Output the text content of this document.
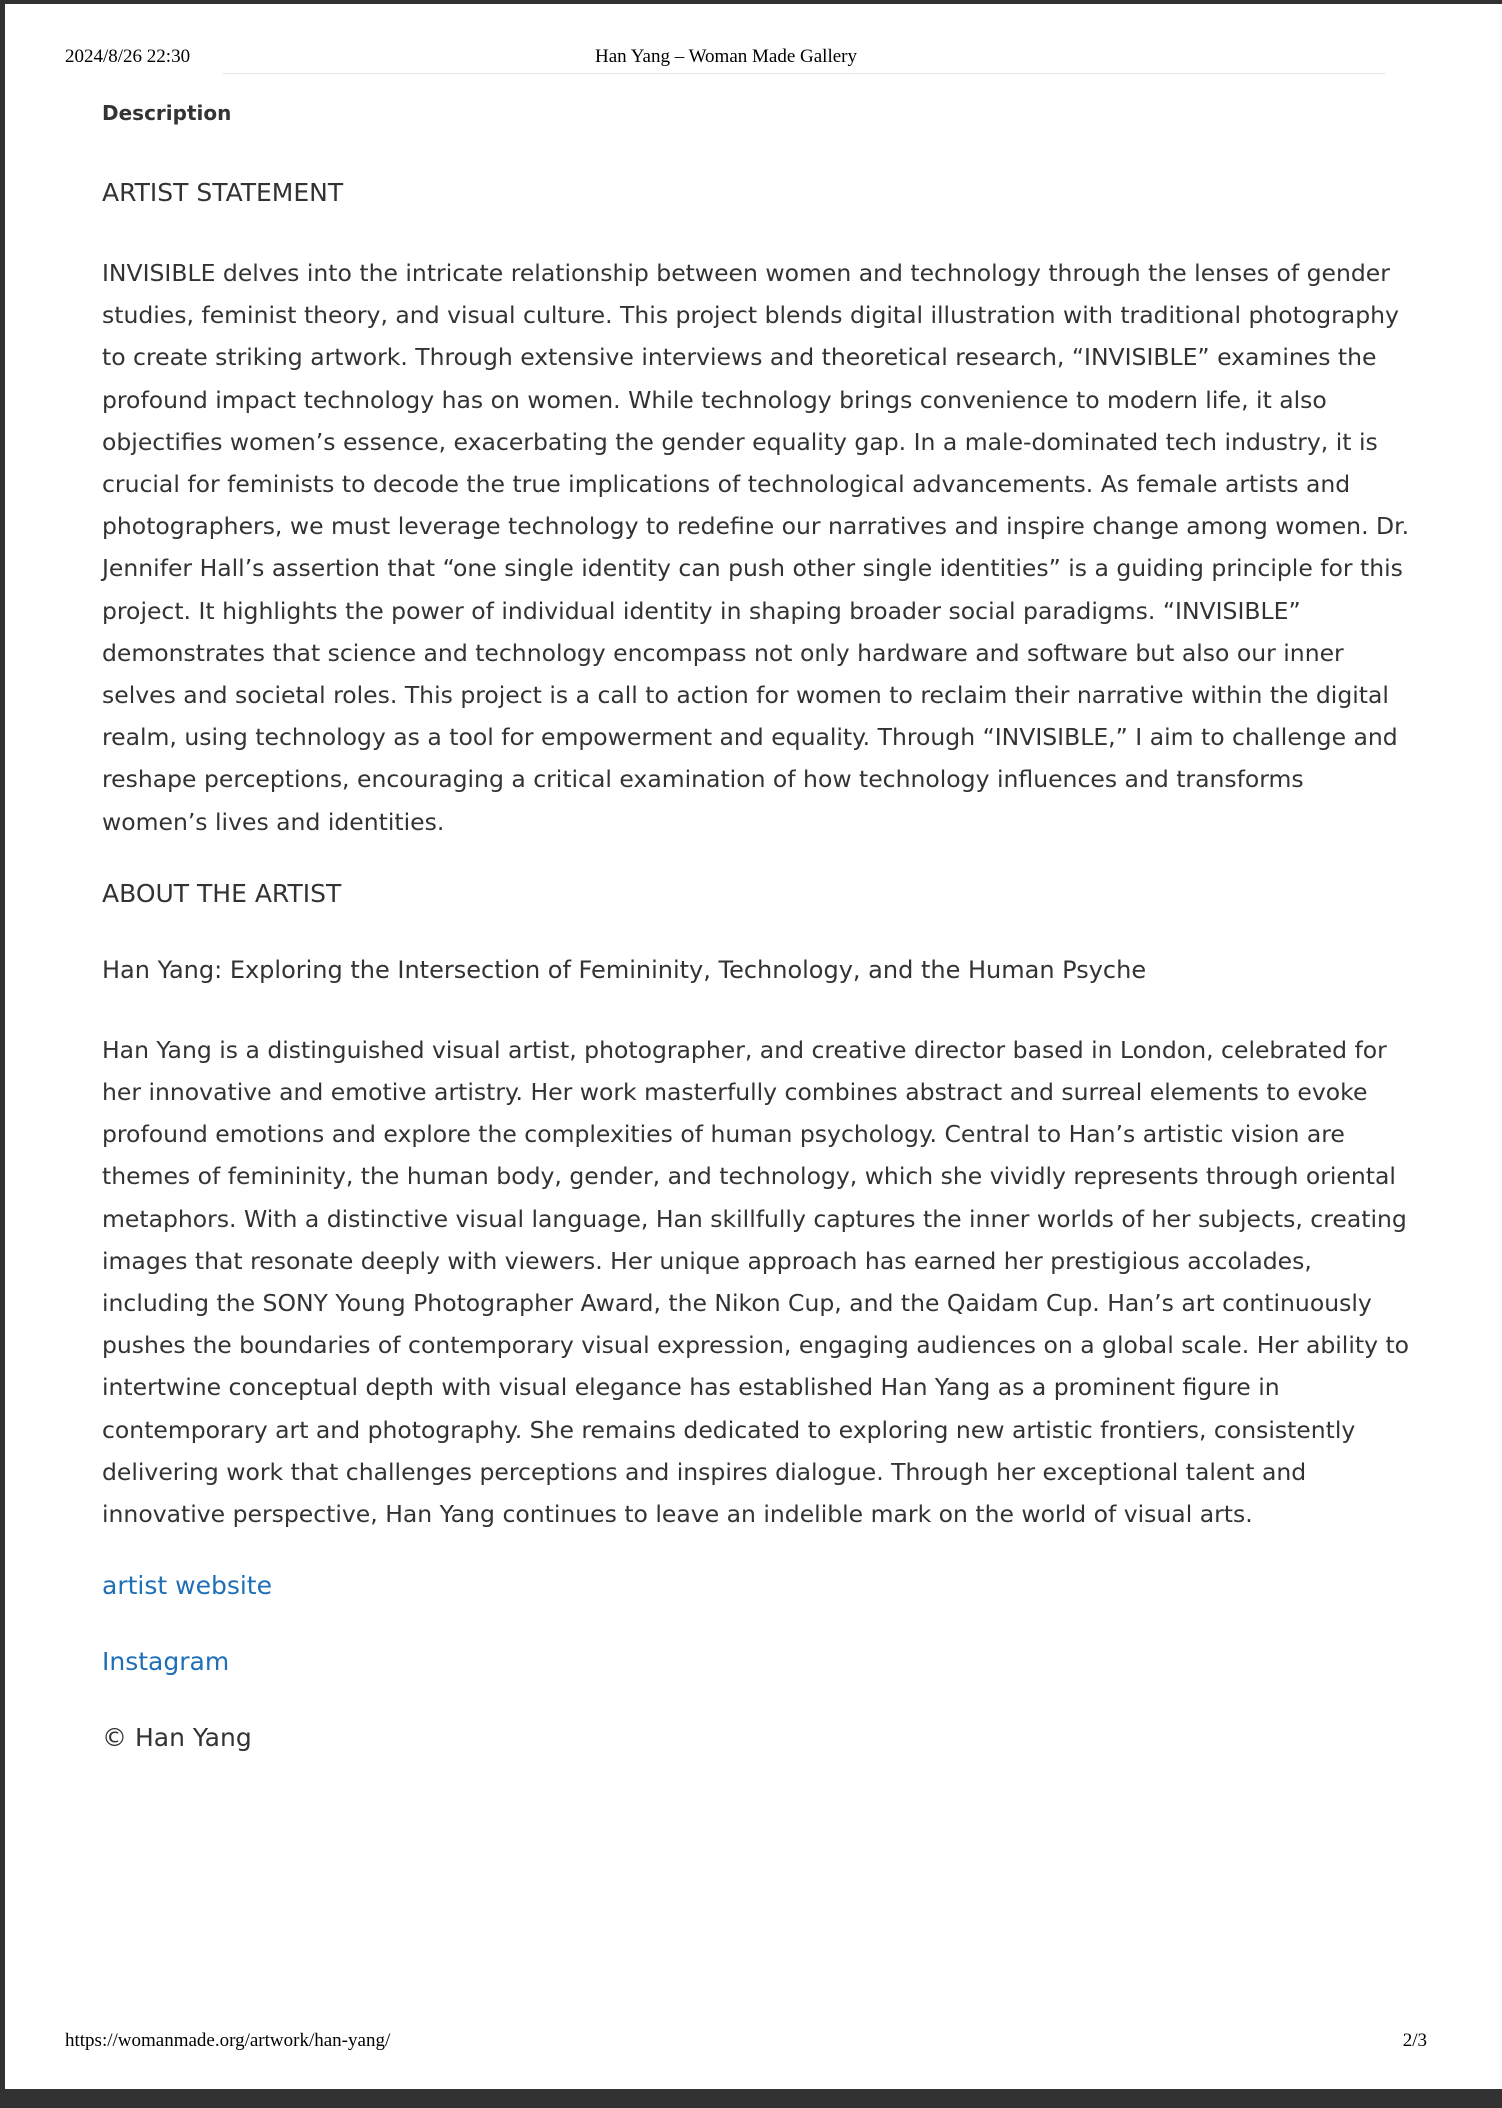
2024/8/26 22:30	Han Yang – Woman Made Gallery
Description
ARTIST STATEMENT

INVISIBLE delves into the intricate relationship between women and technology through the lenses of gender studies, feminist theory, and visual culture. This project blends digital illustration with traditional photography to create striking artwork. Through extensive interviews and theoretical research, “INVISIBLE” examines the profound impact technology has on women. While technology brings convenience to modern life, it also objectifies women’s essence, exacerbating the gender equality gap. In a male-dominated tech industry, it is crucial for feminists to decode the true implications of technological advancements. As female artists and photographers, we must leverage technology to redefine our narratives and inspire change among women. Dr. Jennifer Hall’s assertion that “one single identity can push other single identities” is a guiding principle for this project. It highlights the power of individual identity in shaping broader social paradigms. “INVISIBLE” demonstrates that science and technology encompass not only hardware and software but also our inner selves and societal roles. This project is a call to action for women to reclaim their narrative within the digital realm, using technology as a tool for empowerment and equality. Through “INVISIBLE,” I aim to challenge and reshape perceptions, encouraging a critical examination of how technology influences and transforms women’s lives and identities.

ABOUT THE ARTIST

Han Yang: Exploring the Intersection of Femininity, Technology, and the Human Psyche

Han Yang is a distinguished visual artist, photographer, and creative director based in London, celebrated for her innovative and emotive artistry. Her work masterfully combines abstract and surreal elements to evoke profound emotions and explore the complexities of human psychology. Central to Han’s artistic vision are themes of femininity, the human body, gender, and technology, which she vividly represents through oriental metaphors. With a distinctive visual language, Han skillfully captures the inner worlds of her subjects, creating images that resonate deeply with viewers. Her unique approach has earned her prestigious accolades, including the SONY Young Photographer Award, the Nikon Cup, and the Qaidam Cup. Han’s art continuously pushes the boundaries of contemporary visual expression, engaging audiences on a global scale. Her ability to intertwine conceptual depth with visual elegance has established Han Yang as a prominent figure in contemporary art and photography. She remains dedicated to exploring new artistic frontiers, consistently delivering work that challenges perceptions and inspires dialogue. Through her exceptional talent and innovative perspective, Han Yang continues to leave an indelible mark on the world of visual arts.

artist website
Instagram
© Han Yang
https://womanmade.org/artwork/han-yang/	2/3
